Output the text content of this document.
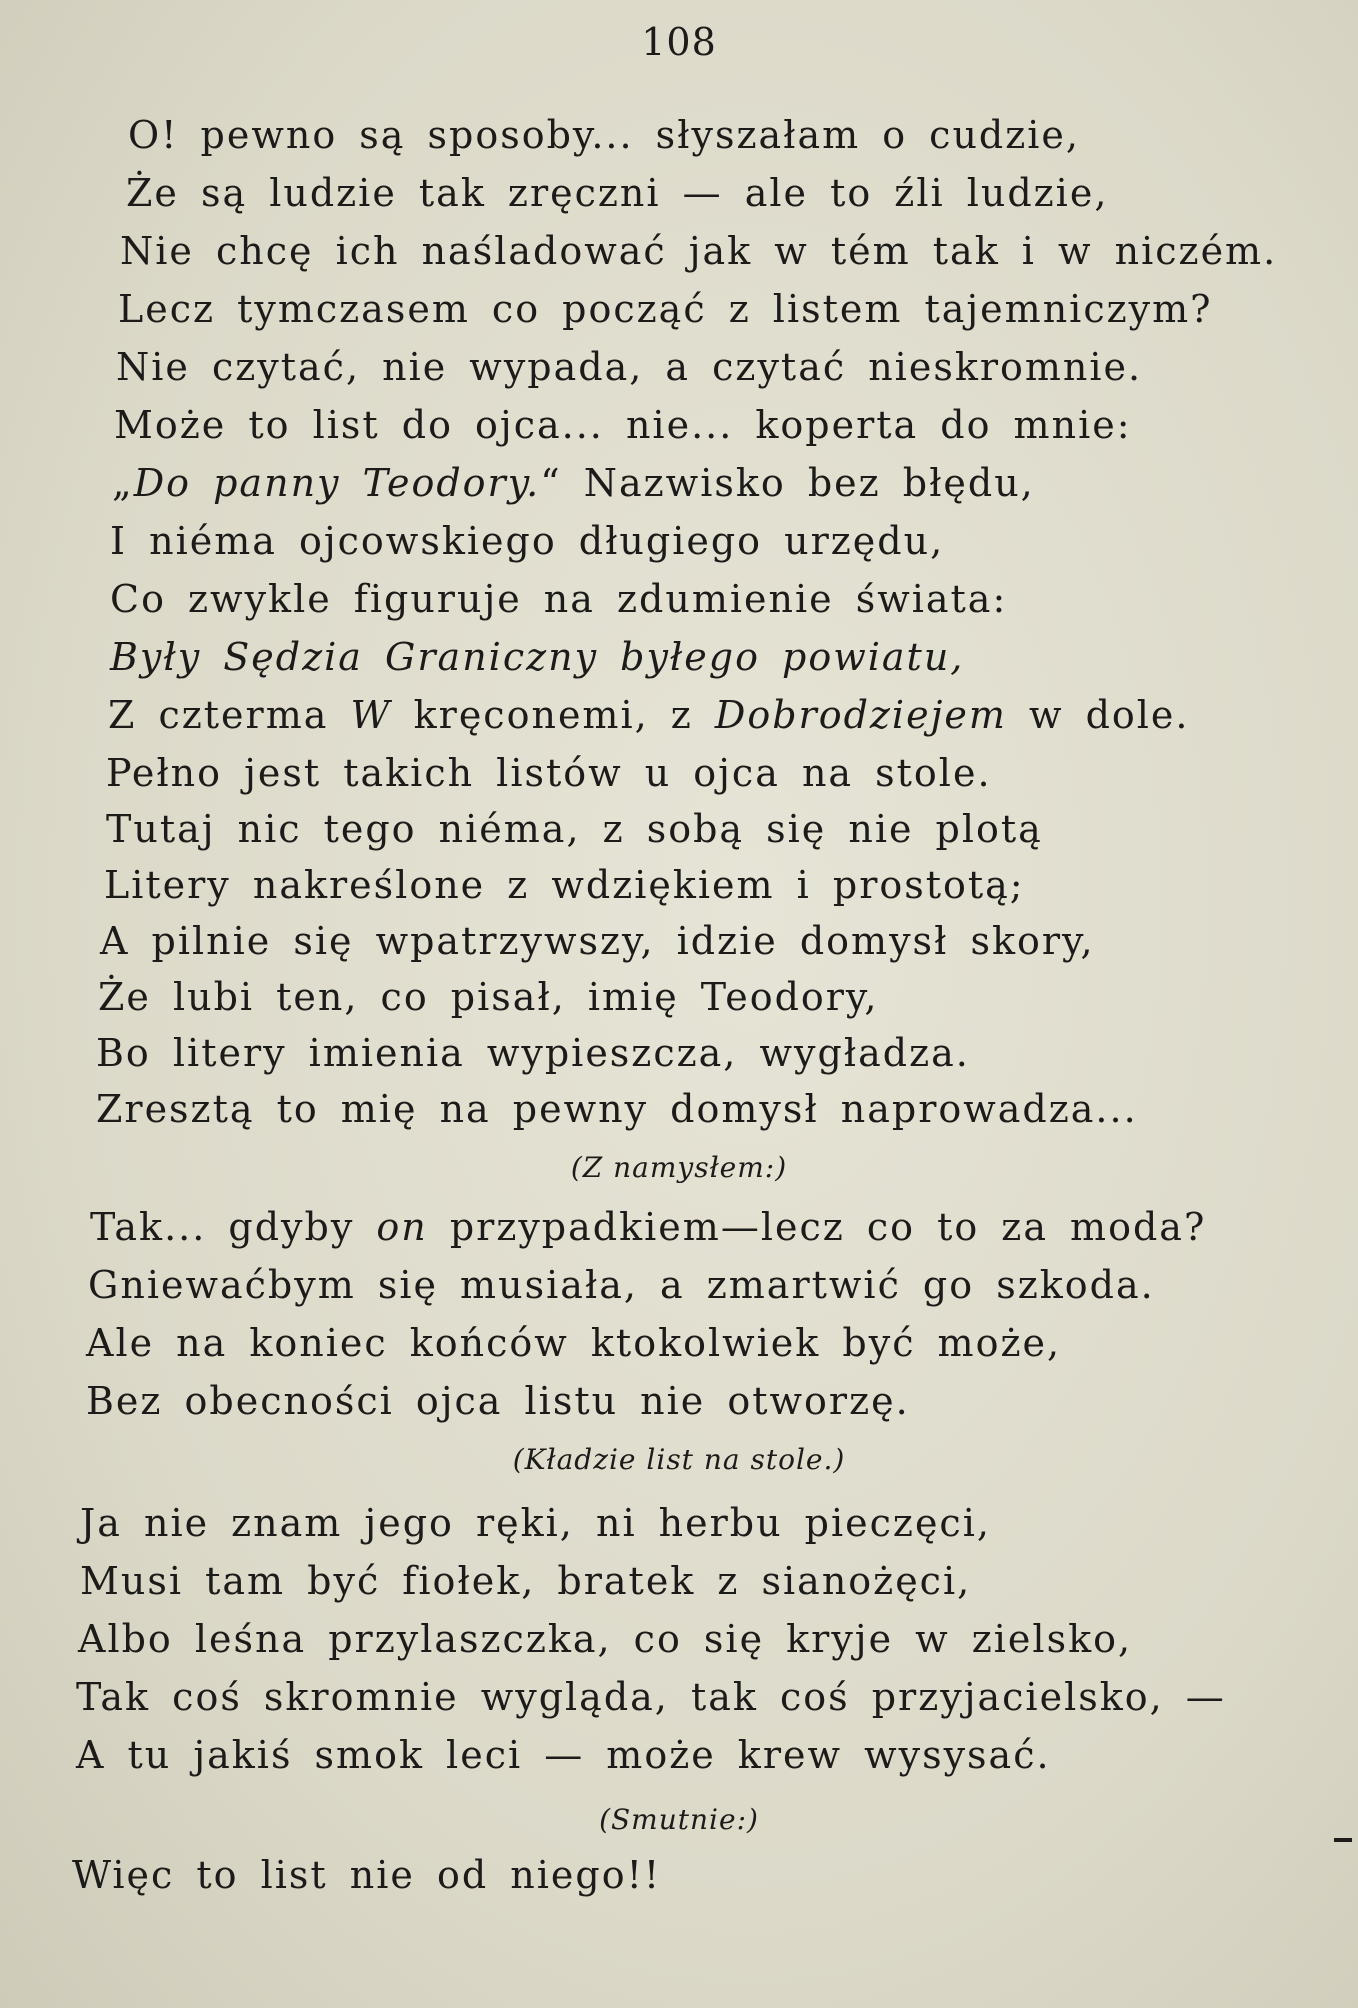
108
O! pewno są sposoby... słyszałam o cudzie,
Że są ludzie tak zręczni — ale to źli ludzie,
Nie chcę ich naśladować jak w tém tak i w niczém.
Lecz tymczasem co począć z listem tajemniczym?
Nie czytać, nie wypada, a czytać nieskromnie.
Może to list do ojca... nie... koperta do mnie:
„Do panny Teodory.“ Nazwisko bez błędu,
I niéma ojcowskiego długiego urzędu,
Co zwykle figuruje na zdumienie świata:
Były Sędzia Graniczny byłego powiatu,
Z czterma W kręconemi, z Dobrodziejem w dole.
Pełno jest takich listów u ojca na stole.
Tutaj nic tego niéma, z sobą się nie plotą
Litery nakreślone z wdziękiem i prostotą;
A pilnie się wpatrzywszy, idzie domysł skory,
Że lubi ten, co pisał, imię Teodory,
Bo litery imienia wypieszcza, wygładza.
Zresztą to mię na pewny domysł naprowadza...
(Z namysłem:)
Tak... gdyby on przypadkiem—lecz co to za moda?
Gniewaćbym się musiała, a zmartwić go szkoda.
Ale na koniec końców ktokolwiek być może,
Bez obecności ojca listu nie otworzę.
(Kładzie list na stole.)
Ja nie znam jego ręki, ni herbu pieczęci,
Musi tam być fiołek, bratek z sianożęci,
Albo leśna przylaszczka, co się kryje w zielsko,
Tak coś skromnie wygląda, tak coś przyjacielsko, —
A tu jakiś smok leci — może krew wysysać.
(Smutnie:)
Więc to list nie od niego!!
